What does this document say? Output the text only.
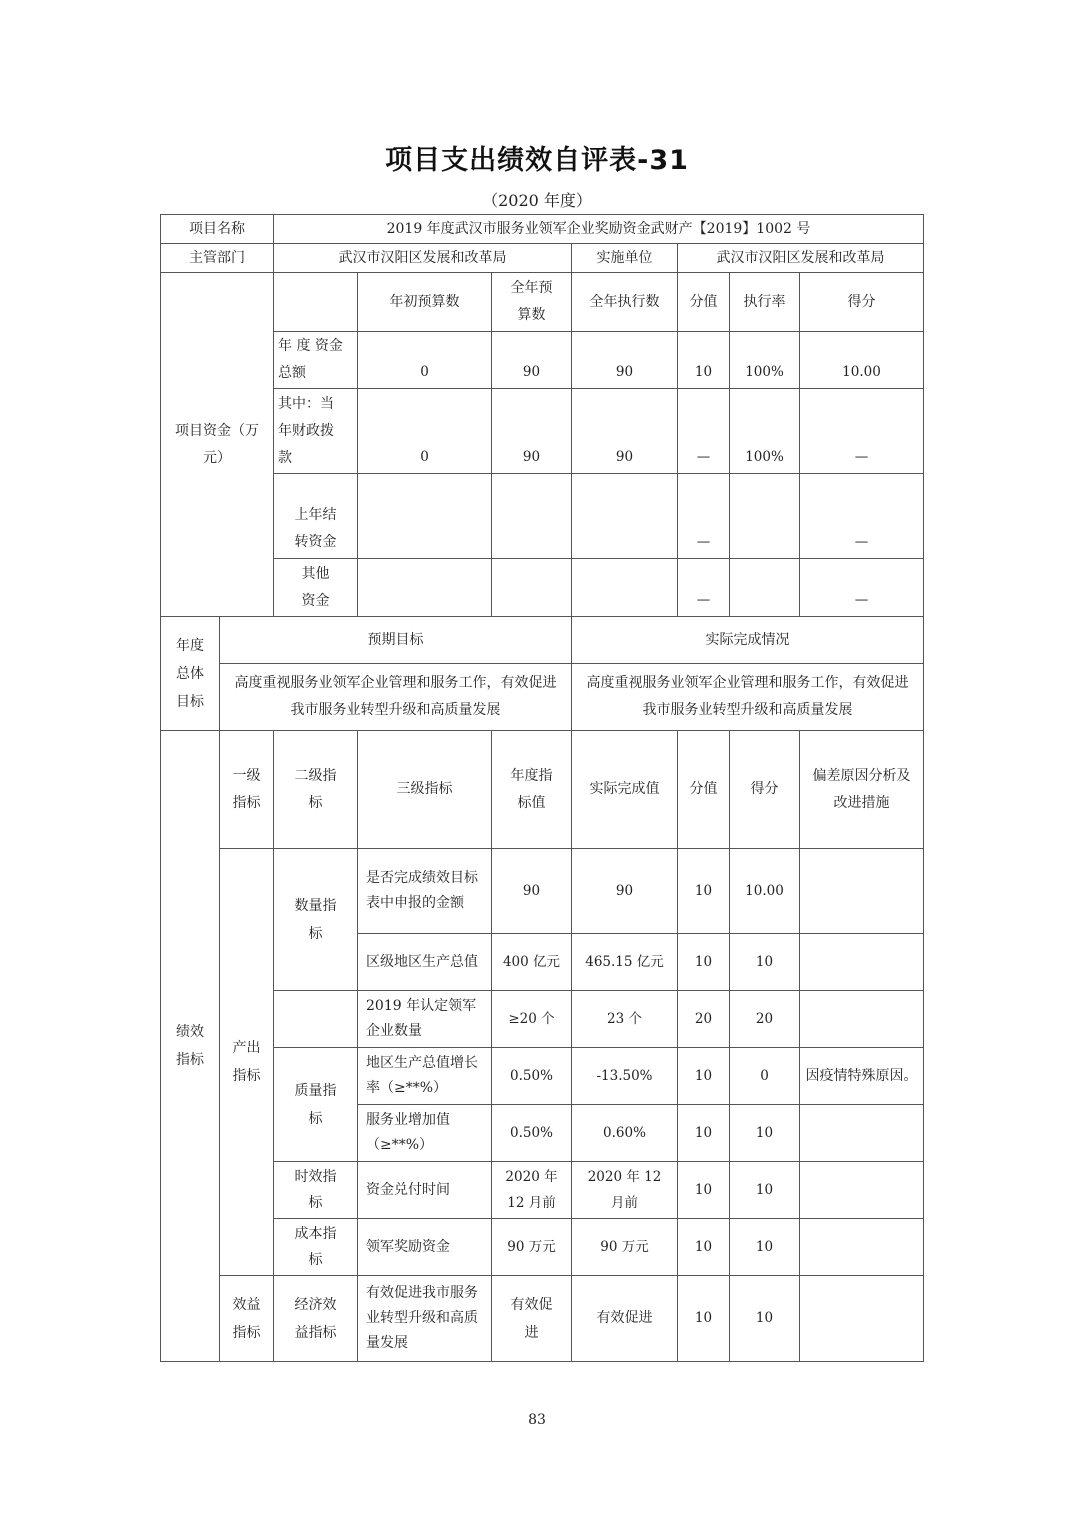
项目支出绩效自评表-31
（2020 年度）
项目名称		2019 年度武汉市服务业领军企业奖励资金武财产【2019】1002 号						
主管部门		武汉市汉阳区发展和改革局			实施单位	武汉市汉阳区发展和改革局		
项目资金（万元）			年初预算数	全年预算数	全年执行数	分值	执行率	得分
		年 度 资金总额	0	90	90	10	100%	10.00
		其中：当年财政拨款	0	90	90	—	100%	—
		上年结转资金				—		—
		其他资金				—		—

年度总体目标	预期目标				实际完成情况			
	高度重视服务业领军企业管理和服务工作，有效促进我市服务业转型升级和高质量发展				高度重视服务业领军企业管理和服务工作，有效促进我市服务业转型升级和高质量发展			
绩效指标	一级指标	二级指标	三级指标	年度指标值	实际完成值	分值	得分	偏差原因分析及改进措施
	产出指标	数量指标	是否完成绩效目标表中申报的金额	90	90	10	10.00	
			区级地区生产总值	400 亿元	465.15 亿元	10	10	
			2019 年认定领军企业数量	≥20 个	23 个	20	20	
		质量指标	地区生产总值增长率（≥**%）	0.50%	-13.50%	10	0	因疫情特殊原因。
			服务业增加值（≥**%）	0.50%	0.60%	10	10	
		时效指标	资金兑付时间	2020 年 12 月前	2020 年 12 月前	10	10	
		成本指标	领军奖励资金	90 万元	90 万元	10	10	
	效益指标	经济效益指标	有效促进我市服务业转型升级和高质量发展	有效促进	有效促进	10	10	
83
